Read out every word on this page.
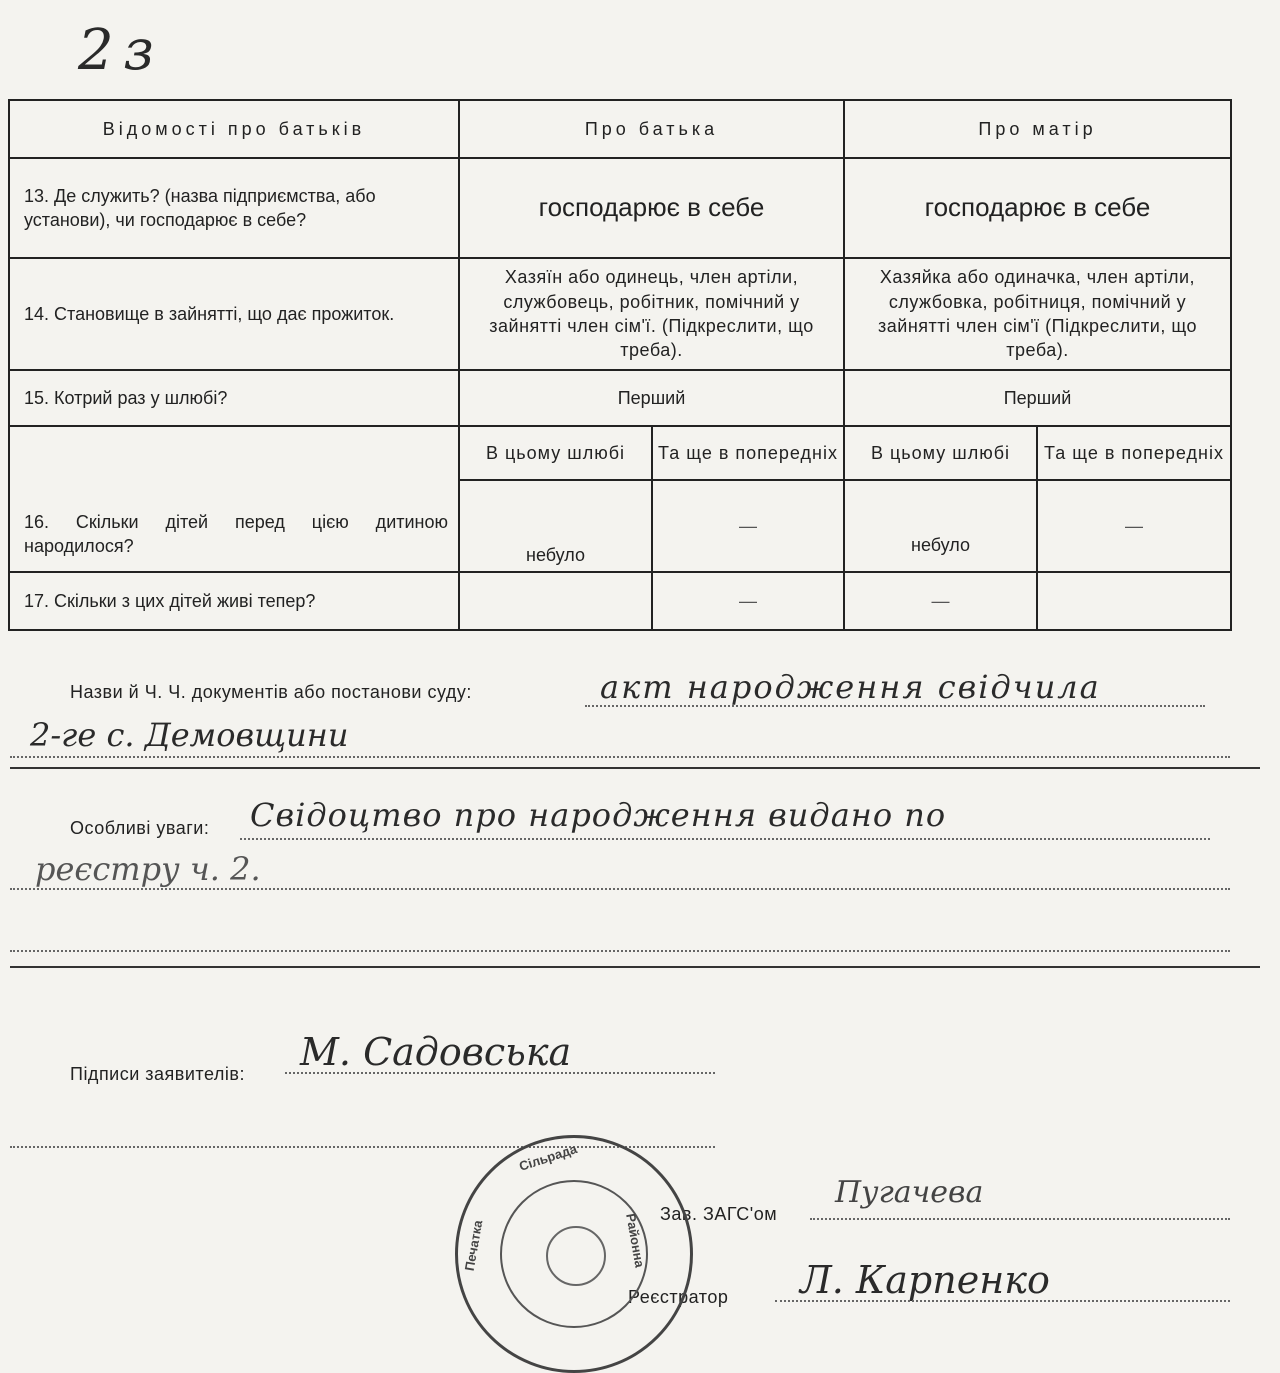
2 з
Відомості про батьків	Про батька		Про матір	
13. Де служить? (назва підприємства, або установи), чи господарює в себе?	господарює в себе		господарює в себе	
14. Становище в зайнятті, що дає прожиток.	Хазяїн або одинець, член артіли, службовець, робітник, помічний у зайнятті член сім'ї. (Підкреслити, що треба).		Хазяйка або одиначка, член артіли, службовка, робітниця, помічний у зайнятті член сім'ї (Підкреслити, що треба).	
15. Котрий раз у шлюбі?	Перший		Перший	
16. Скільки дітей перед цією дитиною народилося?	В цьому шлюбі	Та ще в попередніх	В цьому шлюбі	Та ще в попередніх
	небуло	—	небуло	—
17. Скільки з цих дітей живі тепер?		—	—	
Назви й Ч. Ч. документів або постанови суду:	акт народження свідчила
2-ге с. Демовщини
Особливі уваги: Свідоцтво про народження видано по
реєстру ч. 2.
Підписи заявителів: М. Садовська
Зав. ЗАГС'ом
Пугачева
Реєстратор Л. Карпенко
Сільрада
Районна
Печатка
